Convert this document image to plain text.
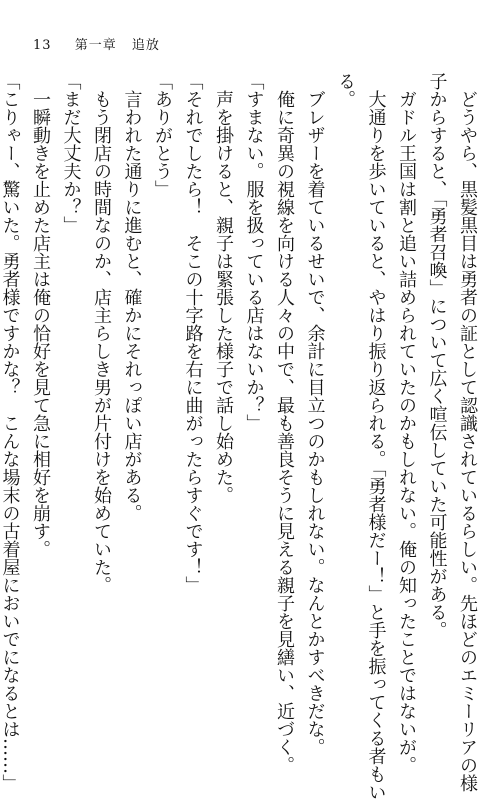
13 第一章 追放
　どうやら、黒髪黒目は勇者の証として認識されているらしい。先ほどのエミーリアの様
子からすると、「勇者召喚」について広く喧伝していた可能性がある。
　ガドル王国は割と追い詰められていたのかもしれない。俺の知ったことではないが。
　大通りを歩いていると、やはり振り返られる。「勇者様だー！」と手を振ってくる者もい
る。
　ブレザーを着ているせいで、余計に目立つのかもしれない。なんとかすべきだな。
　俺に奇異の視線を向ける人々の中で、最も善良そうに見える親子を見繕い、近づく。
「すまない。服を扱っている店はないか？」
　声を掛けると、親子は緊張した様子で話し始めた。
「それでしたら！　そこの十字路を右に曲がったらすぐです！」
「ありがとう」
　言われた通りに進むと、確かにそれっぽい店がある。
　もう閉店の時間なのか、店主らしき男が片付けを始めていた。
「まだ大丈夫か？」
　一瞬動きを止めた店主は俺の恰好を見て急に相好を崩す。
「こりゃー、驚いた。勇者様ですかな？　こんな場末の古着屋においでになるとは……」
